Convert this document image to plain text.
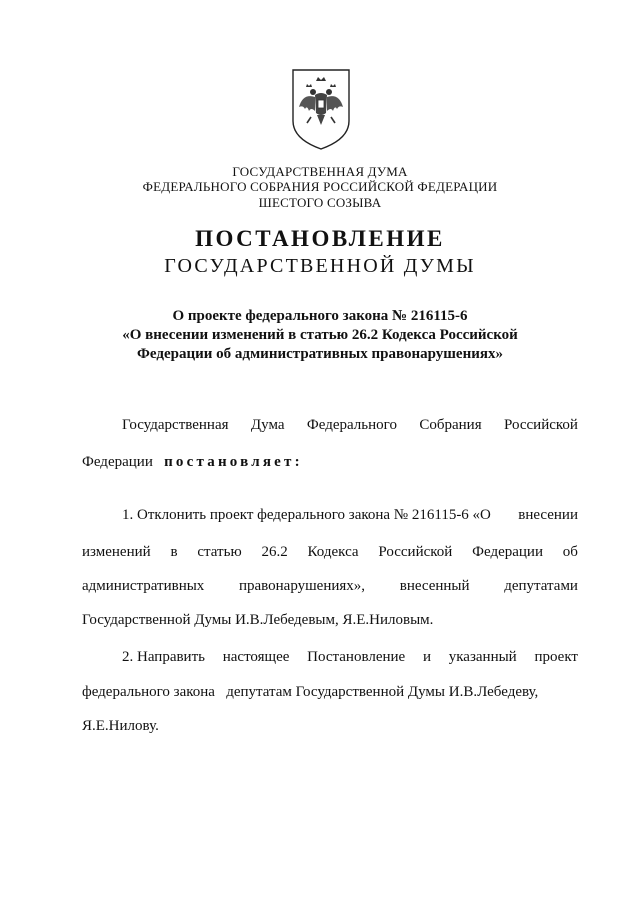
ГОСУДАРСТВЕННАЯ ДУМА
ФЕДЕРАЛЬНОГО СОБРАНИЯ РОССИЙСКОЙ ФЕДЕРАЦИИ
ШЕСТОГО СОЗЫВА
ПОСТАНОВЛЕНИЕ
ГОСУДАРСТВЕННОЙ ДУМЫ
О проекте федерального закона № 216115-6
«О внесении изменений в статью 26.2 Кодекса Российской
Федерации об административных правонарушениях»
Государственная Дума Федерального Собрания Российской
Федерации постановляет:
1. Отклонить проект федерального закона № 216115-6 «О внесении
изменений в статью 26.2 Кодекса Российской Федерации об
административных правонарушениях», внесенный депутатами
Государственной Думы И.В.Лебедевым, Я.Е.Ниловым.
2. Направить настоящее Постановление и указанный проект
федерального закона депутатам Государственной Думы И.В.Лебедеву,
Я.Е.Нилову.
